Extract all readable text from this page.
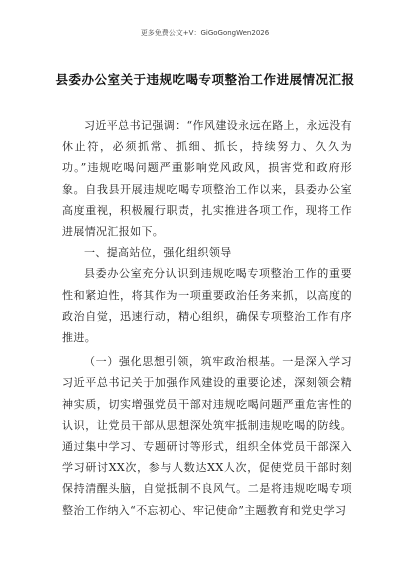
更多免费公文+V：GiGoGongWen2026
县委办公室关于违规吃喝专项整治工作进展情况汇报

习近平总书记强调：“作风建设永远在路上，永远没有休止符，必须抓常、抓细、抓长，持续努力、久久为功。”违规吃喝问题严重影响党风政风，损害党和政府形象。自我县开展违规吃喝专项整治工作以来，县委办公室高度重视，积极履行职责，扎实推进各项工作，现将工作进展情况汇报如下。

一、提高站位，强化组织领导

县委办公室充分认识到违规吃喝专项整治工作的重要性和紧迫性，将其作为一项重要政治任务来抓，以高度的政治自觉，迅速行动，精心组织，确保专项整治工作有序推进。

（一）强化思想引领，筑牢政治根基。一是深入学习习近平总书记关于加强作风建设的重要论述，深刻领会精神实质，切实增强党员干部对违规吃喝问题严重危害性的认识，让党员干部从思想深处筑牢抵制违规吃喝的防线。通过集中学习、专题研讨等形式，组织全体党员干部深入学习研讨XX次，参与人数达XX人次，促使党员干部时刻保持清醒头脑，自觉抵制不良风气。二是将违规吃喝专项整治工作纳入“不忘初心、牢记使命”主题教育和党史学习
